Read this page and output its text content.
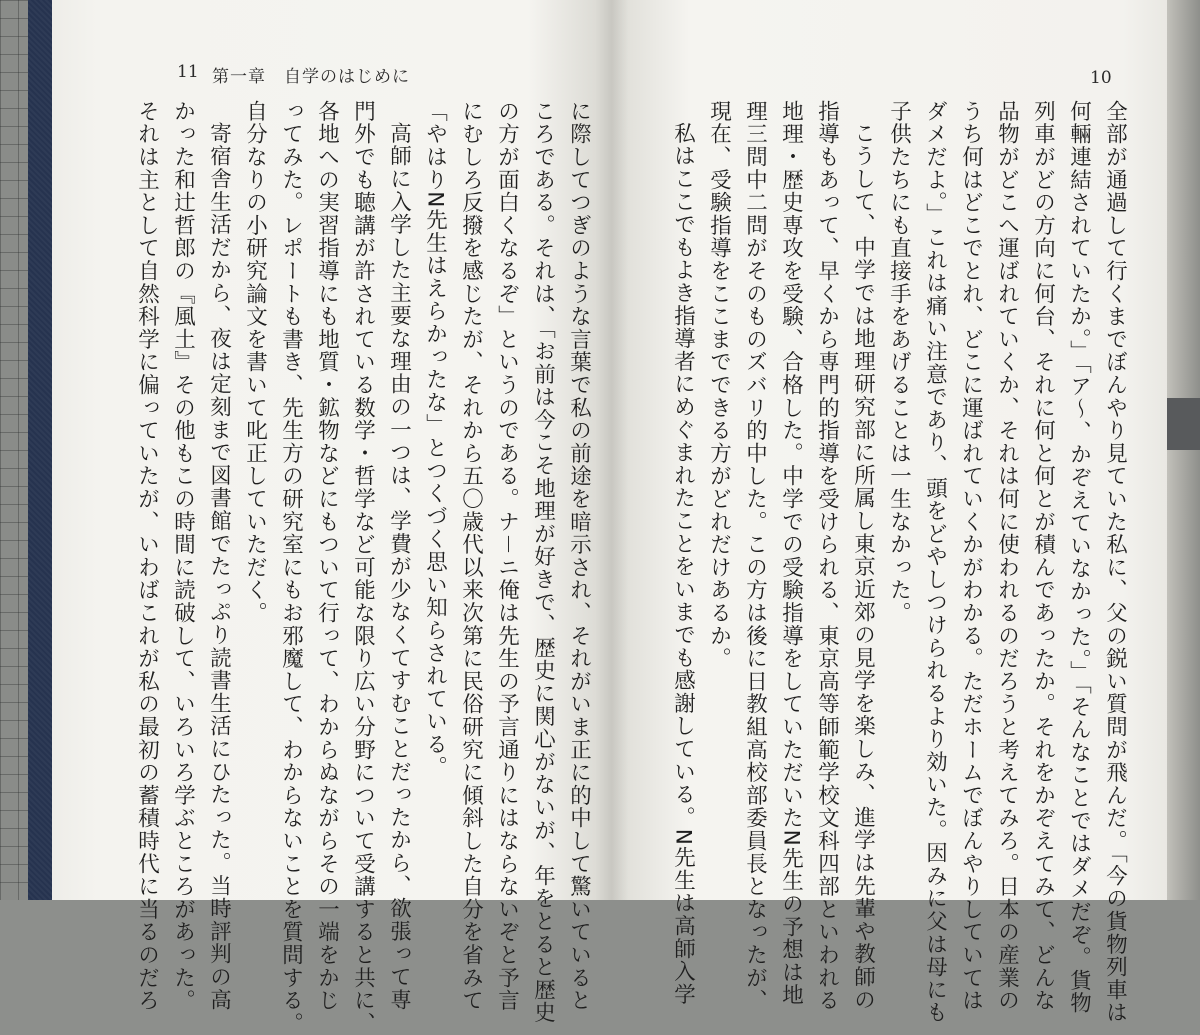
11 第一章　自学のはじめに
に際してつぎのような言葉で私の前途を暗示され、それがいま正に的中して驚いていると
ころである。それは、「お前は今こそ地理が好きで、歴史に関心がないが、年をとると歴史
の方が面白くなるぞ」というのである。ナ－ニ俺は先生の予言通りにはならないぞと予言
にむしろ反撥を感じたが、それから五〇歳代以来次第に民俗研究に傾斜した自分を省みて
「やはりN先生はえらかったな」とつくづく思い知らされている。
高師に入学した主要な理由の一つは、学費が少なくてすむことだったから、欲張って専
門外でも聴講が許されている数学・哲学など可能な限り広い分野について受講すると共に、
各地への実習指導にも地質・鉱物などにもついて行って、わからぬながらその一端をかじ
ってみた。レポートも書き、先生方の研究室にもお邪魔して、わからないことを質問する。
自分なりの小研究論文を書いて叱正していただく。
寄宿舎生活だから、夜は定刻まで図書館でたっぷり読書生活にひたった。当時評判の高
かった和辻哲郎の『風土』その他もこの時間に読破して、いろいろ学ぶところがあった。
それは主として自然科学に偏っていたが、いわばこれが私の最初の蓄積時代に当るのだろ
10
全部が通過して行くまでぼんやり見ていた私に、父の鋭い質問が飛んだ。「今の貨物列車は
何輛連結されていたか。」「ア～、かぞえていなかった。」「そんなことではダメだぞ。貨物
列車がどの方向に何台、それに何と何とが積んであったか。それをかぞえてみて、どんな
品物がどこへ運ばれていくか、それは何に使われるのだろうと考えてみろ。日本の産業の
うち何はどこでとれ、どこに運ばれていくかがわかる。ただホームでぼんやりしていては
ダメだよ。」これは痛い注意であり、頭をどやしつけられるより効いた。因みに父は母にも
子供たちにも直接手をあげることは一生なかった。
こうして、中学では地理研究部に所属し東京近郊の見学を楽しみ、進学は先輩や教師の
指導もあって、早くから専門的指導を受けられる、東京高等師範学校文科四部といわれる
地理・歴史専攻を受験、合格した。中学での受験指導をしていただいたN先生の予想は地
理三問中二問がそのものズバリ的中した。この方は後に日教組高校部委員長となったが、
現在、受験指導をここまでできる方がどれだけあるか。
私はここでもよき指導者にめぐまれたことをいまでも感謝している。N先生は高師入学
